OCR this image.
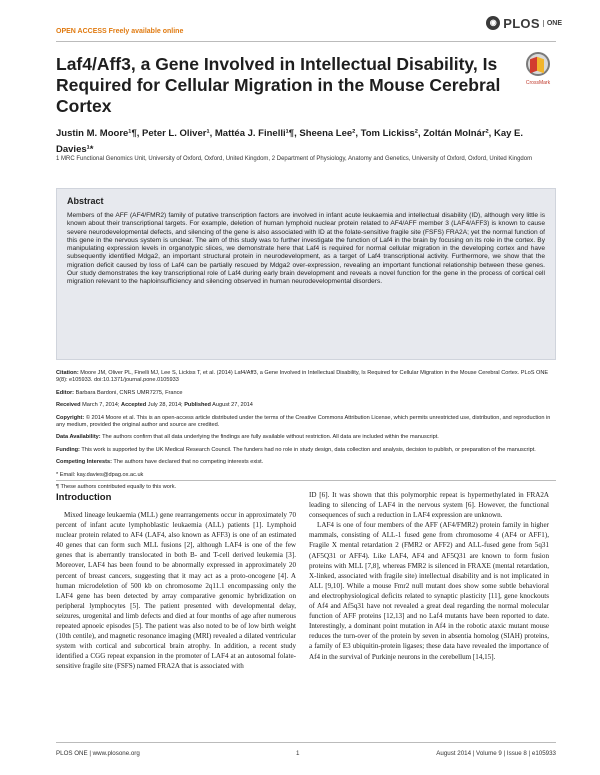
OPEN ACCESS Freely available online
◉ PLOS	ONE
Laf4/Aff3, a Gene Involved in Intellectual Disability, Is Required for Cellular Migration in the Mouse Cerebral Cortex
CrossMark
Justin M. Moore¹¶, Peter L. Oliver¹, Mattéa J. Finelli¹¶, Sheena Lee², Tom Lickiss², Zoltán Molnár², Kay E. Davies¹*
1 MRC Functional Genomics Unit, University of Oxford, Oxford, United Kingdom, 2 Department of Physiology, Anatomy and Genetics, University of Oxford, Oxford, United Kingdom
Abstract
Members of the AFF (AF4/FMR2) family of putative transcription factors are involved in infant acute leukaemia and intellectual disability (ID), although very little is known about their transcriptional targets. For example, deletion of human lymphoid nuclear protein related to AF4/AFF member 3 (LAF4/AFF3) is known to cause severe neurodevelopmental defects, and silencing of the gene is also associated with ID at the folate-sensitive fragile site (FSFS) FRA2A; yet the normal function of this gene in the nervous system is unclear. The aim of this study was to further investigate the function of Laf4 in the brain by focusing on its role in the cortex. By manipulating expression levels in organotypic slices, we demonstrate here that Laf4 is required for normal cellular migration in the developing cortex and have subsequently identified Mdga2, an important structural protein in neurodevelopment, as a target of Laf4 transcriptional activity. Furthermore, we show that the migration deficit caused by loss of Laf4 can be partially rescued by Mdga2 over-expression, revealing an important functional relationship between these genes. Our study demonstrates the key transcriptional role of Laf4 during early brain development and reveals a novel function for the gene in the process of cortical cell migration relevant to the haploinsufficiency and silencing observed in human neurodevelopmental disorders.

Citation: Moore JM, Oliver PL, Finelli MJ, Lee S, Lickiss T, et al. (2014) Laf4/Aff3, a Gene Involved in Intellectual Disability, Is Required for Cellular Migration in the Mouse Cerebral Cortex. PLoS ONE 9(8): e105933. doi:10.1371/journal.pone.0105933

Editor: Barbara Bardoni, CNRS UMR7275, France

Received March 7, 2014; Accepted July 28, 2014; Published August 27, 2014

Copyright: © 2014 Moore et al. This is an open-access article distributed under the terms of the Creative Commons Attribution License, which permits unrestricted use, distribution, and reproduction in any medium, provided the original author and source are credited.

Data Availability: The authors confirm that all data underlying the findings are fully available without restriction. All data are included within the manuscript.

Funding: This work is supported by the UK Medical Research Council. The funders had no role in study design, data collection and analysis, decision to publish, or preparation of the manuscript.

Competing Interests: The authors have declared that no competing interests exist.

* Email: kay.davies@dpag.ox.ac.uk

¶ These authors contributed equally to this work.

Introduction

Mixed lineage leukaemia (MLL) gene rearrangements occur in approximately 70 percent of infant acute lymphoblastic leukaemia (ALL) patients [1]. Lymphoid nuclear protein related to AF4 (LAF4, also known as AFF3) is one of an estimated 40 genes that can form such MLL fusions [2], although LAF4 is one of the few genes that is aberrantly translocated in both B- and T-cell derived leukemia [3]. Moreover, LAF4 has been found to be abnormally expressed in approximately 20 percent of breast cancers, suggesting that it may act as a proto-oncogene [4]. A human microdeletion of 500 kb on chromosome 2q11.1 encompassing only the LAF4 gene has been detected by array comparative genomic hybridization on peripheral lymphocytes [5]. The patient presented with developmental delay, seizures, urogenital and limb defects and died at four months of age after numerous repeated apnoeic episodes [5]. The patient was also noted to be of low birth weight (10th centile), and magnetic resonance imaging (MRI) revealed a dilated ventricular system with cortical and subcortical brain atrophy. In addition, a recent study identified a CGG repeat expansion in the promoter of LAF4 at an autosomal folate-sensitive fragile site (FSFS) named FRA2A that is associated with

ID [6]. It was shown that this polymorphic repeat is hypermethylated in FRA2A leading to silencing of LAF4 in the nervous system [6]. However, the functional consequences of such a reduction in LAF4 expression are unknown.

LAF4 is one of four members of the AFF (AF4/FMR2) protein family in higher mammals, consisting of ALL-1 fused gene from chromosome 4 (AF4 or AFF1), Fragile X mental retardation 2 (FMR2 or AFF2) and ALL-fused gene from 5q31 (AF5Q31 or AFF4). Like LAF4, AF4 and AF5Q31 are known to form fusion proteins with MLL [7,8], whereas FMR2 is silenced in FRAXE (mental retardation, X-linked, associated with fragile site) intellectual disability and is not implicated in ALL [9,10]. While a mouse Fmr2 null mutant does show some subtle behavioral and electrophysiological deficits related to synaptic plasticity [11], gene knockouts of Af4 and Af5q31 have not revealed a great deal regarding the normal molecular function of AFF proteins [12,13] and no Laf4 mutants have been reported to date. Interestingly, a dominant point mutation in Af4 in the robotic ataxic mutant mouse reduces the turn-over of the protein by seven in absentia homolog (SIAH) proteins, a family of E3 ubiquitin-protein ligases; these data have revealed the importance of Af4 in the survival of Purkinje neurons in the cerebellum [14,15].

PLOS ONE | www.plosone.org	1	August 2014 | Volume 9 | Issue 8 | e105933
